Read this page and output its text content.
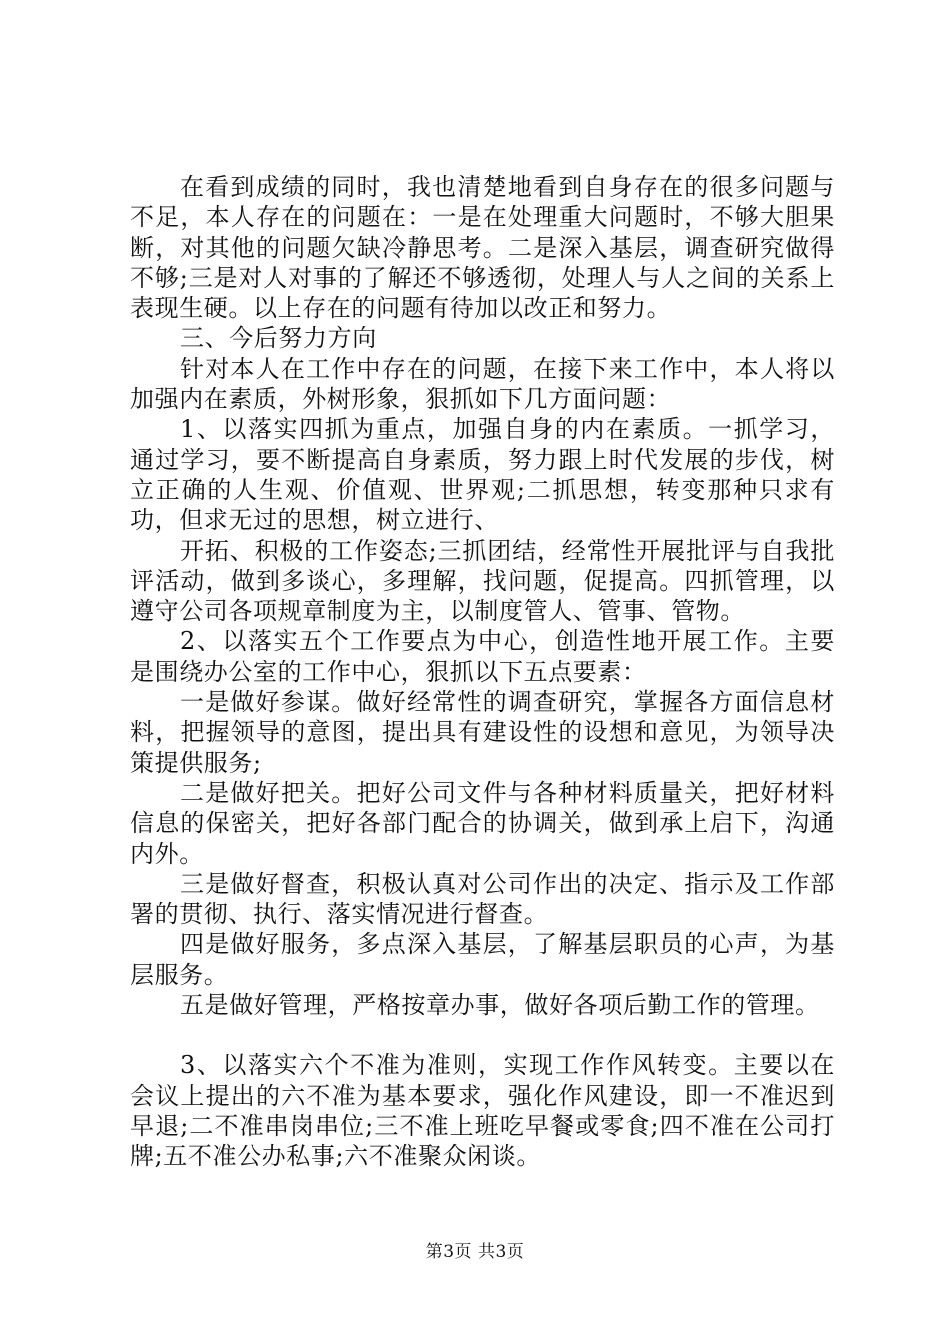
在看到成绩的同时，我也清楚地看到自身存在的很多问题与不足，本人存在的问题在：一是在处理重大问题时，不够大胆果断，对其他的问题欠缺冷静思考。二是深入基层，调查研究做得不够;三是对人对事的了解还不够透彻，处理人与人之间的关系上表现生硬。以上存在的问题有待加以改正和努力。

三、今后努力方向

针对本人在工作中存在的问题，在接下来工作中，本人将以加强内在素质，外树形象，狠抓如下几方面问题：

1、以落实四抓为重点，加强自身的内在素质。一抓学习，通过学习，要不断提高自身素质，努力跟上时代发展的步伐，树立正确的人生观、价值观、世界观;二抓思想，转变那种只求有功，但求无过的思想，树立进行、

开拓、积极的工作姿态;三抓团结，经常性开展批评与自我批评活动，做到多谈心，多理解，找问题，促提高。四抓管理，以遵守公司各项规章制度为主，以制度管人、管事、管物。

2、以落实五个工作要点为中心，创造性地开展工作。主要是围绕办公室的工作中心，狠抓以下五点要素：

一是做好参谋。做好经常性的调查研究，掌握各方面信息材料，把握领导的意图，提出具有建设性的设想和意见，为领导决策提供服务;

二是做好把关。把好公司文件与各种材料质量关，把好材料信息的保密关，把好各部门配合的协调关，做到承上启下，沟通内外。

三是做好督查，积极认真对公司作出的决定、指示及工作部署的贯彻、执行、落实情况进行督查。

四是做好服务，多点深入基层，了解基层职员的心声，为基层服务。

五是做好管理，严格按章办事，做好各项后勤工作的管理。

3、以落实六个不准为准则，实现工作作风转变。主要以在会议上提出的六不准为基本要求，强化作风建设，即一不准迟到早退;二不准串岗串位;三不准上班吃早餐或零食;四不准在公司打牌;五不准公办私事;六不准聚众闲谈。

第3页 共3页
